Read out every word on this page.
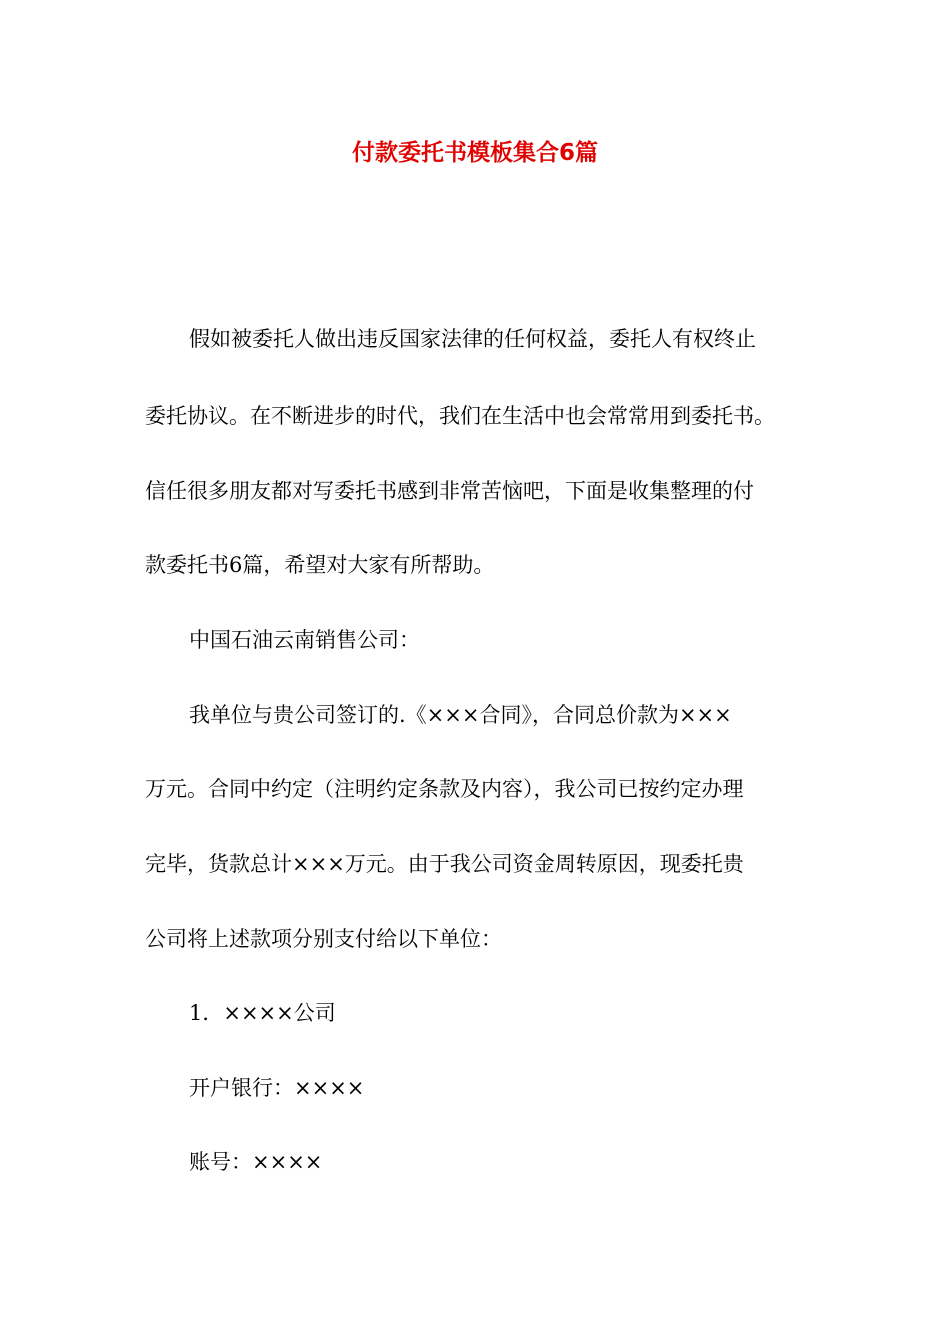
付款委托书模板集合6篇
假如被委托人做出违反国家法律的任何权益，委托人有权终止
委托协议。在不断进步的时代，我们在生活中也会常常用到委托书。
信任很多朋友都对写委托书感到非常苦恼吧，下面是收集整理的付
款委托书6篇，希望对大家有所帮助。
中国石油云南销售公司：
我单位与贵公司签订的.《×××合同》，合同总价款为×××
万元。合同中约定（注明约定条款及内容），我公司已按约定办理
完毕，货款总计×××万元。由于我公司资金周转原因，现委托贵
公司将上述款项分别支付给以下单位：
1．××××公司
开户银行：××××
账号：××××
